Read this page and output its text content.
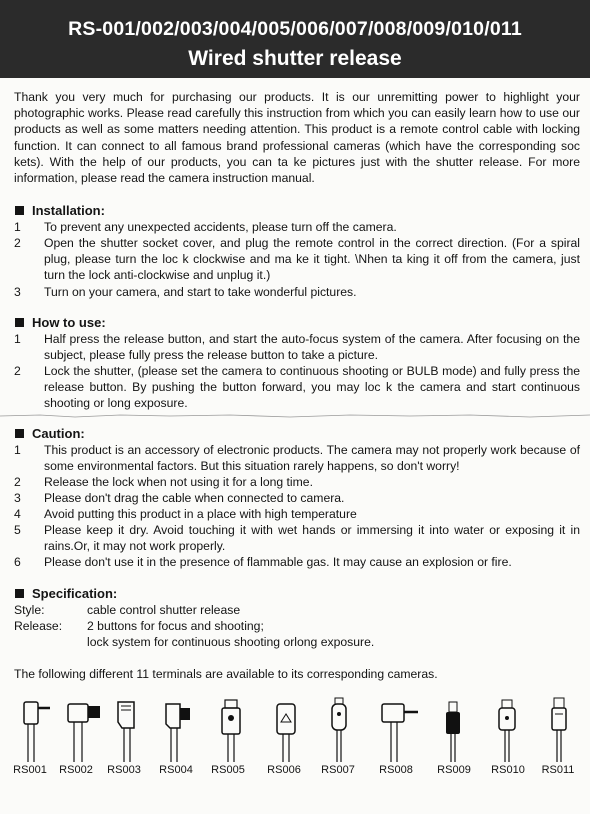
RS-001/002/003/004/005/006/007/008/009/010/011
Wired shutter release

Thank you very much for purchasing our products. It is our unremitting power to highlight your photographic works. Please read carefully this instruction from which you can easily learn how to use our products as well as some matters needing attention. This product is a remote control cable with locking function. It can connect to all famous brand professional cameras (which have the corresponding soc kets). With the help of our products, you can ta ke pictures just with the shutter release. For more information, please read the camera instruction manual.

Installation:
1	To prevent any unexpected accidents, please turn off the camera.
2	Open the shutter socket cover, and plug the remote control in the correct direction. (For a spiral plug, please turn the loc k clockwise and ma ke it tight. \Nhen ta king it off from the camera, just turn the lock anti-clockwise and unplug it.)
3	Turn on your camera, and start to take wonderful pictures.
How to use:
1	Half press the release button, and start the auto-focus system of the camera. After focusing on the subject, please fully press the release button to take a picture.
2	Lock the shutter, (please set the camera to continuous shooting or BULB mode) and fully press the release button. By pushing the button forward, you may loc k the camera and start continuous shooting or long exposure.
Caution:
1	This product is an accessory of electronic products. The camera may not properly work because of some environmental factors. But this situation rarely happens, so don't worry!
2	Release the lock when not using it for a long time.
3	Please don't drag the cable when connected to camera.
4	Avoid putting this product in a place with high temperature
5	Please keep it dry. Avoid touching it with wet hands or immersing it into water or exposing it in rains.Or, it may not work properly.
6	Please don't use it in the presence of flammable gas. It may cause an explosion or fire.
Specification:
Style:	cable control shutter release
Release:	2 buttons for focus and shooting;
lock system for continuous shooting orlong exposure.
The following different 11 terminals are available to its corresponding cameras.
RS001	RS002	RS003	RS004	RS005	RS006	RS007	RS008	RS009	RS010	RS011
